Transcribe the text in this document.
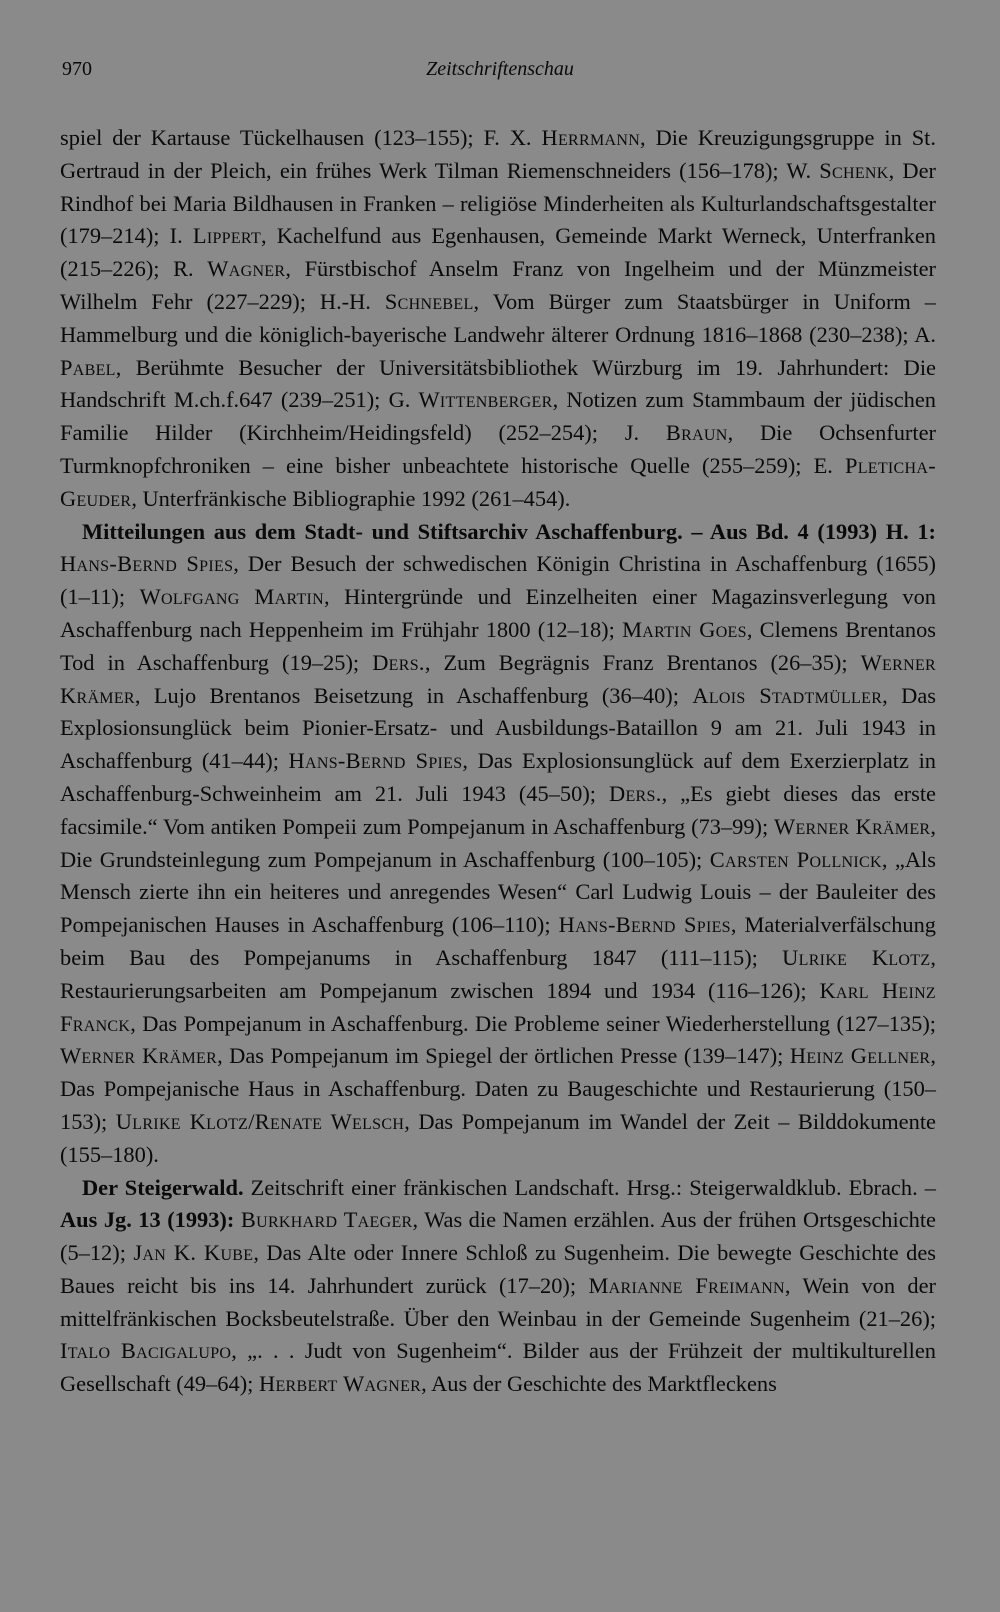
970	Zeitschriftenschau

spiel der Kartause Tückelhausen (123–155); F. X. Herrmann, Die Kreuzigungsgruppe in St. Gertraud in der Pleich, ein frühes Werk Tilman Riemenschneiders (156–178); W. Schenk, Der Rindhof bei Maria Bildhausen in Franken – religiöse Minderheiten als Kulturlandschaftsgestalter (179–214); I. Lippert, Kachelfund aus Egenhausen, Gemeinde Markt Werneck, Unterfranken (215–226); R. Wagner, Fürstbischof Anselm Franz von Ingelheim und der Münzmeister Wilhelm Fehr (227–229); H.-H. Schnebel, Vom Bürger zum Staatsbürger in Uniform – Hammelburg und die königlich-bayerische Landwehr älterer Ordnung 1816–1868 (230–238); A. Pabel, Berühmte Besucher der Universitätsbibliothek Würzburg im 19. Jahrhundert: Die Handschrift M.ch.f.647 (239–251); G. Wittenberger, Notizen zum Stammbaum der jüdischen Familie Hilder (Kirchheim/Heidingsfeld) (252–254); J. Braun, Die Ochsenfurter Turmknopfchroniken – eine bisher unbeachtete historische Quelle (255–259); E. Pleticha-Geuder, Unterfränkische Bibliographie 1992 (261–454).

Mitteilungen aus dem Stadt- und Stiftsarchiv Aschaffenburg. – Aus Bd. 4 (1993) H. 1: Hans-Bernd Spies, Der Besuch der schwedischen Königin Christina in Aschaffenburg (1655) (1–11); Wolfgang Martin, Hintergründe und Einzelheiten einer Magazinsverlegung von Aschaffenburg nach Heppenheim im Frühjahr 1800 (12–18); Martin Goes, Clemens Brentanos Tod in Aschaffenburg (19–25); Ders., Zum Begrägnis Franz Brentanos (26–35); Werner Krämer, Lujo Brentanos Beisetzung in Aschaffenburg (36–40); Alois Stadtmüller, Das Explosionsunglück beim Pionier-Ersatz- und Ausbildungs-Bataillon 9 am 21. Juli 1943 in Aschaffenburg (41–44); Hans-Bernd Spies, Das Explosionsunglück auf dem Exerzierplatz in Aschaffenburg-Schweinheim am 21. Juli 1943 (45–50); Ders., „Es giebt dieses das erste facsimile.“ Vom antiken Pompeii zum Pompejanum in Aschaffenburg (73–99); Werner Krämer, Die Grundsteinlegung zum Pompejanum in Aschaffenburg (100–105); Carsten Pollnick, „Als Mensch zierte ihn ein heiteres und anregendes Wesen“ Carl Ludwig Louis – der Bauleiter des Pompejanischen Hauses in Aschaffenburg (106–110); Hans-Bernd Spies, Materialverfälschung beim Bau des Pompejanums in Aschaffenburg 1847 (111–115); Ulrike Klotz, Restaurierungsarbeiten am Pompejanum zwischen 1894 und 1934 (116–126); Karl Heinz Franck, Das Pompejanum in Aschaffenburg. Die Probleme seiner Wiederherstellung (127–135); Werner Krämer, Das Pompejanum im Spiegel der örtlichen Presse (139–147); Heinz Gellner, Das Pompejanische Haus in Aschaffenburg. Daten zu Baugeschichte und Restaurierung (150–153); Ulrike Klotz/Renate Welsch, Das Pompejanum im Wandel der Zeit – Bilddokumente (155–180).

Der Steigerwald. Zeitschrift einer fränkischen Landschaft. Hrsg.: Steigerwaldklub. Ebrach. – Aus Jg. 13 (1993): Burkhard Taeger, Was die Namen erzählen. Aus der frühen Ortsgeschichte (5–12); Jan K. Kube, Das Alte oder Innere Schloß zu Sugenheim. Die bewegte Geschichte des Baues reicht bis ins 14. Jahrhundert zurück (17–20); Marianne Freimann, Wein von der mittelfränkischen Bocksbeutelstraße. Über den Weinbau in der Gemeinde Sugenheim (21–26); Italo Bacigalupo, „. . . Judt von Sugenheim“. Bilder aus der Frühzeit der multikulturellen Gesellschaft (49–64); Herbert Wagner, Aus der Geschichte des Marktfleckens
